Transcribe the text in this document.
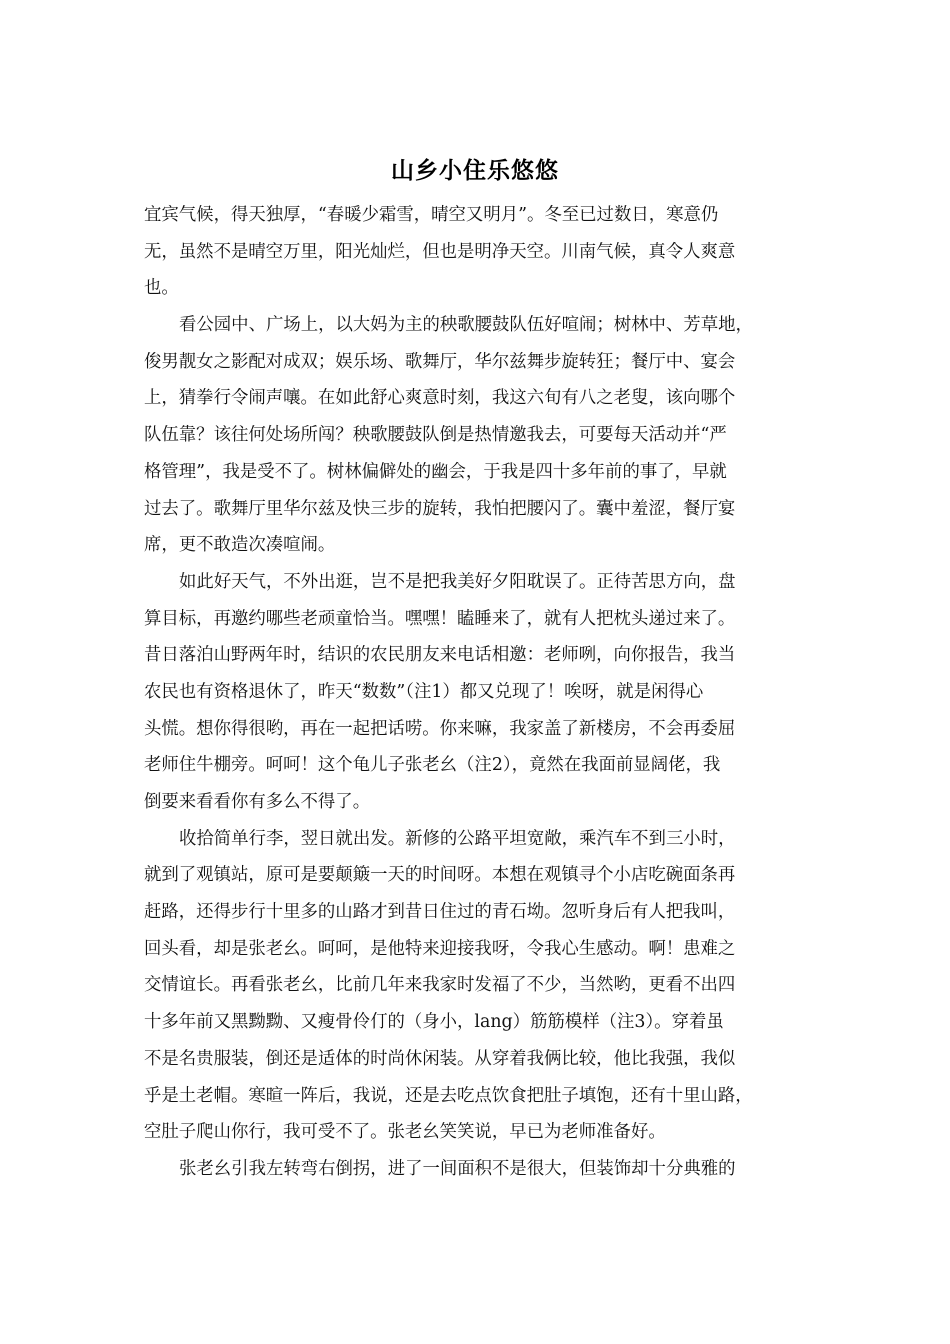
山乡小住乐悠悠
宜宾气候，得天独厚，“春暖少霜雪，晴空又明月”。冬至已过数日，寒意仍
无，虽然不是晴空万里，阳光灿烂，但也是明净天空。川南气候，真令人爽意
也。
看公园中、广场上，以大妈为主的秧歌腰鼓队伍好喧闹；树林中、芳草地，
俊男靓女之影配对成双；娱乐场、歌舞厅，华尔兹舞步旋转狂；餐厅中、宴会
上，猜拳行令闹声嚷。在如此舒心爽意时刻，我这六旬有八之老叟，该向哪个
队伍靠？该往何处场所闯？秧歌腰鼓队倒是热情邀我去，可要每天活动并“严
格管理”，我是受不了。树林偏僻处的幽会，于我是四十多年前的事了，早就
过去了。歌舞厅里华尔兹及快三步的旋转，我怕把腰闪了。囊中羞涩，餐厅宴
席，更不敢造次凑喧闹。
如此好天气，不外出逛，岂不是把我美好夕阳耽误了。正待苦思方向，盘
算目标，再邀约哪些老顽童恰当。嘿嘿！瞌睡来了，就有人把枕头递过来了。
昔日落泊山野两年时，结识的农民朋友来电话相邀：老师咧，向你报告，我当
农民也有资格退休了，昨天“数数”（注1）都又兑现了！唉呀，就是闲得心
头慌。想你得很哟，再在一起把话唠。你来嘛，我家盖了新楼房，不会再委屈
老师住牛棚旁。呵呵！这个龟儿子张老幺（注2），竟然在我面前显阔佬，我
倒要来看看你有多么不得了。
收拾简单行李，翌日就出发。新修的公路平坦宽敞，乘汽车不到三小时，
就到了观镇站，原可是要颠簸一天的时间呀。本想在观镇寻个小店吃碗面条再
赶路，还得步行十里多的山路才到昔日住过的青石坳。忽听身后有人把我叫，
回头看，却是张老幺。呵呵，是他特来迎接我呀，令我心生感动。啊！患难之
交情谊长。再看张老幺，比前几年来我家时发福了不少，当然哟，更看不出四
十多年前又黑黝黝、又瘦骨伶仃的（身小，lang）筋筋模样（注3）。穿着虽
不是名贵服装，倒还是适体的时尚休闲装。从穿着我俩比较，他比我强，我似
乎是土老帽。寒暄一阵后，我说，还是去吃点饮食把肚子填饱，还有十里山路，
空肚子爬山你行，我可受不了。张老幺笑笑说，早已为老师准备好。
张老幺引我左转弯右倒拐，进了一间面积不是很大，但装饰却十分典雅的
